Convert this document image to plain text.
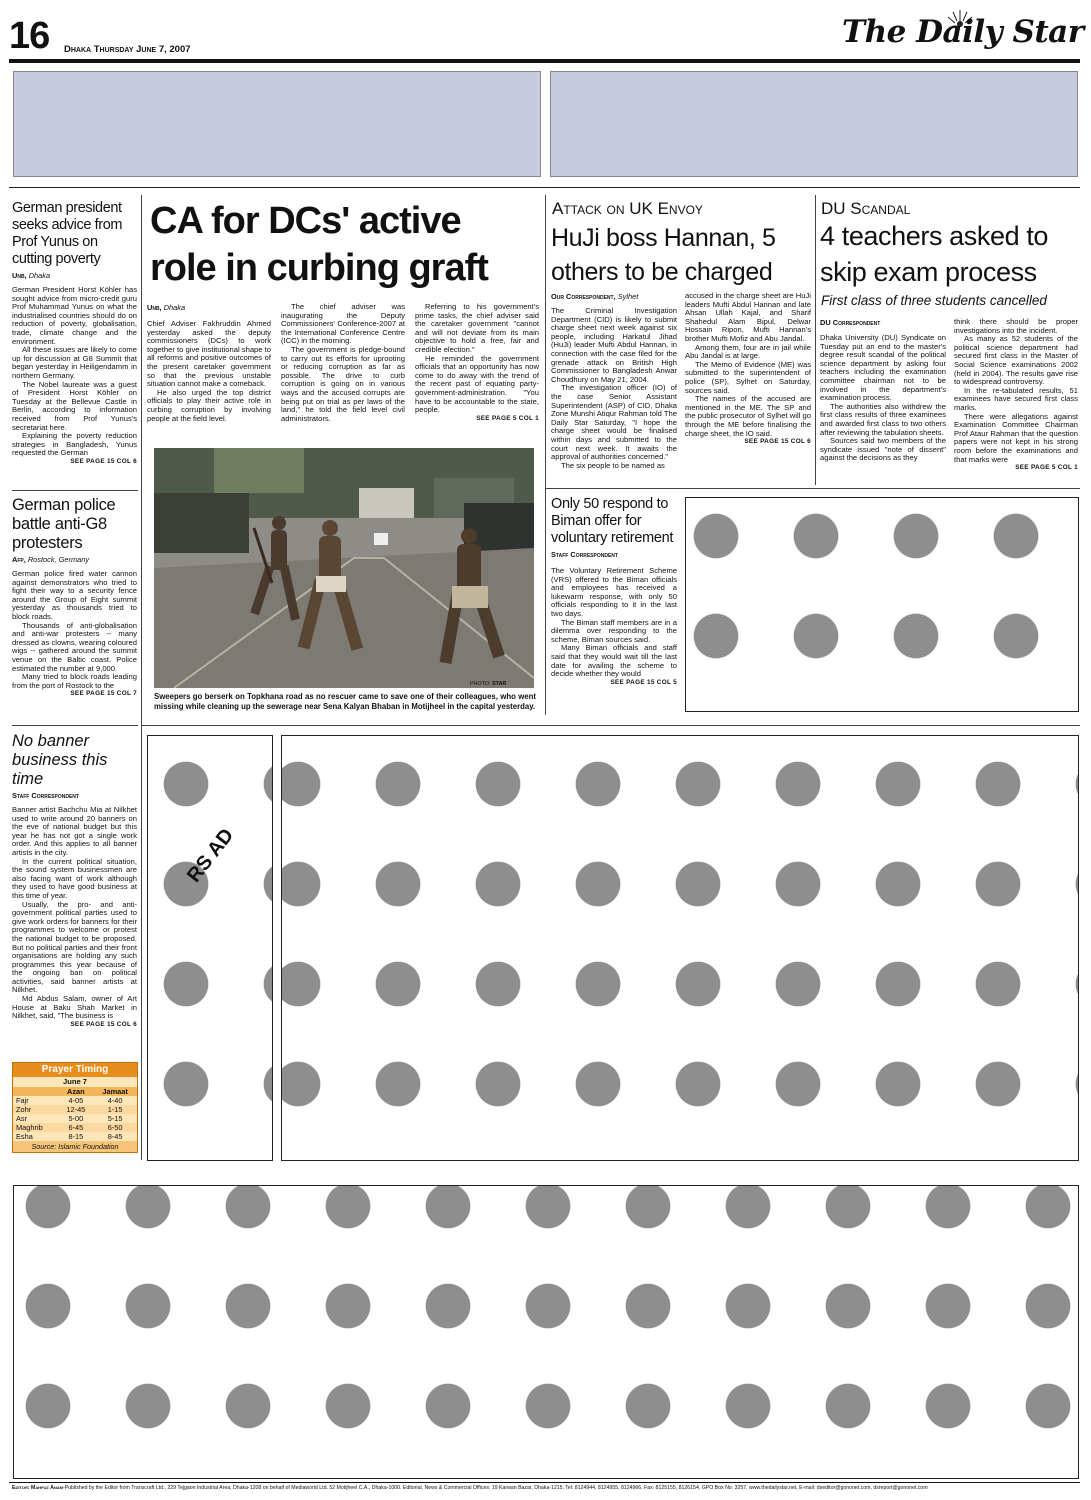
16 Dhaka Thursday June 7, 2007	The Daily Star
German president seeks advice from Prof Yunus on cutting poverty
Unb, Dhaka
German President Horst Köhler has sought advice from micro-credit guru Prof Muhammad Yunus on what the industrialised countries should do on reduction of poverty, globalisation, trade, climate change and the environment.
All these issues are likely to come up for discussion at G8 Summit that began yesterday in Heiligendamm in northern Germany.
The Nobel laureate was a guest of President Horst Köhler on Tuesday at the Bellevue Castle in Berlin, according to information received from Prof Yunus's secretariat here.
Explaining the poverty reduction strategies in Bangladesh, Yunus requested the German
SEE PAGE 15 COL 6
German police battle anti-G8 protesters
Afp, Rostock, Germany
German police fired water cannon against demonstrators who tried to fight their way to a security fence around the Group of Eight summit yesterday as thousands tried to block roads.
Thousands of anti-globalisation and anti-war protesters -- many dressed as clowns, wearing coloured wigs -- gathered around the summit venue on the Baltic coast. Police estimated the number at 9,000.
Many tried to block roads leading from the port of Rostock to the
SEE PAGE 15 COL 7
No banner business this time
Staff Correspondent
Banner artist Bachchu Mia at Nilkhet used to write around 20 banners on the eve of national budget but this year he has not got a single work order. And this applies to all banner artists in the city.
In the current political situation, the sound system businessmen are also facing want of work although they used to have good business at this time of year.
Usually, the pro- and anti-government political parties used to give work orders for banners for their programmes to welcome or protest the national budget to be proposed. But no political parties and their front organisations are holding any such programmes this year because of the ongoing ban on political activities, said banner artists at Nilkhet.
Md Abdus Salam, owner of Art House at Baku Shah Market in Nilkhet, said, "The business is
SEE PAGE 15 COL 6
Prayer Timing
June 7
	Azan	Jamaat
Fajr	4-05	4-40
Zohr	12-45	1-15
Asr	5-00	5-15
Maghrib	6-45	6-50
Esha	8-15	8-45
Source: Islamic Foundation
CA for DCs' active role in curbing graft
Unb, Dhaka
Chief Adviser Fakhruddin Ahmed yesterday asked the deputy commissioners (DCs) to work together to give institutional shape to all reforms and positive outcomes of the present caretaker government so that the previous unstable situation cannot make a comeback.
He also urged the top district officials to play their active role in curbing corruption by involving people at the field level.
The chief adviser was inaugurating the Deputy Commissioners' Conference-2007 at the International Conference Centre (ICC) in the morning.
The government is pledge-bound to carry out its efforts for uprooting or reducing corruption as far as possible. The drive to curb corruption is going on in various ways and the accused corrupts are being put on trial as per laws of the land," he told the field level civil administrators.
Referring to his government's prime tasks, the chief adviser said the caretaker government "cannot and will not deviate from its main objective to hold a free, fair and credible election."
He reminded the government officials that an opportunity has now come to do away with the trend of the recent past of equating party-government-administration. "You have to be accountable to the state, people.
SEE PAGE 5 COL 1
PHOTO: STAR
Sweepers go berserk on Topkhana road as no rescuer came to save one of their colleagues, who went missing while cleaning up the sewerage near Sena Kalyan Bhaban in Motijheel in the capital yesterday.
Attack on UK Envoy
HuJi boss Hannan, 5 others to be charged
Our Correspondent, Sylhet
The Criminal Investigation Department (CID) is likely to submit charge sheet next week against six people, including Harkatul Jihad (HuJi) leader Mufti Abdul Hannan, in connection with the case filed for the grenade attack on British High Commissioner to Bangladesh Anwar Choudhury on May 21, 2004.
The investigation officer (IO) of the case Senior Assistant Superintendent (ASP) of CID, Dhaka Zone Munshi Atiqur Rahman told The Daily Star Saturday, "I hope the charge sheet would be finalised within days and submitted to the court next week. It awaits the approval of authorities concerned."
The six people to be named as
accused in the charge sheet are HuJi leaders Mufti Abdul Hannan and late Ahsan Ullah Kajal, and Sharif Shahedul Alam Bipul, Delwar Hossain Ripon, Mufti Hannan's brother Mufti Mofiz and Abu Jandal.
Among them, four are in jail while Abu Jandal is at large.
The Memo of Evidence (ME) was submitted to the superintendent of police (SP), Sylhet on Saturday, sources said.
The names of the accused are mentioned in the ME. The SP and the public prosecutor of Sylhet will go through the ME before finalising the charge sheet, the IO said.
SEE PAGE 15 COL 6
DU Scandal
4 teachers asked to skip exam process
First class of three students cancelled
DU Correspondent
Dhaka University (DU) Syndicate on Tuesday put an end to the master's degree result scandal of the political science department by asking four teachers including the examination committee chairman not to be involved in the department's examination process.
The authorities also withdrew the first class results of three examinees and awarded first class to two others after reviewing the tabulation sheets.
Sources said two members of the syndicate issued "note of dissent" against the decisions as they
think there should be proper investigations into the incident.
As many as 52 students of the political science department had secured first class in the Master of Social Science examinations 2002 (held in 2004). The results gave rise to widespread controversy.
In the re-tabulated results, 51 examinees have secured first class marks.
There were allegations against Examination Committee Chairman Prof Ataur Rahman that the question papers were not kept in his strong room before the examinations and that marks were
SEE PAGE 5 COL 1
Only 50 respond to Biman offer for voluntary retirement
Staff Correspondent
The Voluntary Retirement Scheme (VRS) offered to the Biman officials and employees has received a lukewarm response, with only 50 officials responding to it in the last two days.
The Biman staff members are in a dilemma over responding to the scheme, Biman sources said.
Many Biman officials and staff said that they would wait till the last date for availing the scheme to decide whether they would
SEE PAGE 15 COL 5
RS AD
Editor: Mahfuz Anam-Published by the Editor from Transcraft Ltd., 229 Tejgaon Industrial Area, Dhaka-1208 on behalf of Mediaworld Ltd. 52 Motijheel C.A., Dhaka-1000. Editorial, News & Commercial Offices: 19 Karwan Bazar, Dhaka-1215. Tel: 8124944, 8124955, 8124966. Fax: 8125155, 8126154, GPO Box No: 3257, www.thedailystar.net, E-mail: dseditor@gononet.com, dsreport@gononet.com
